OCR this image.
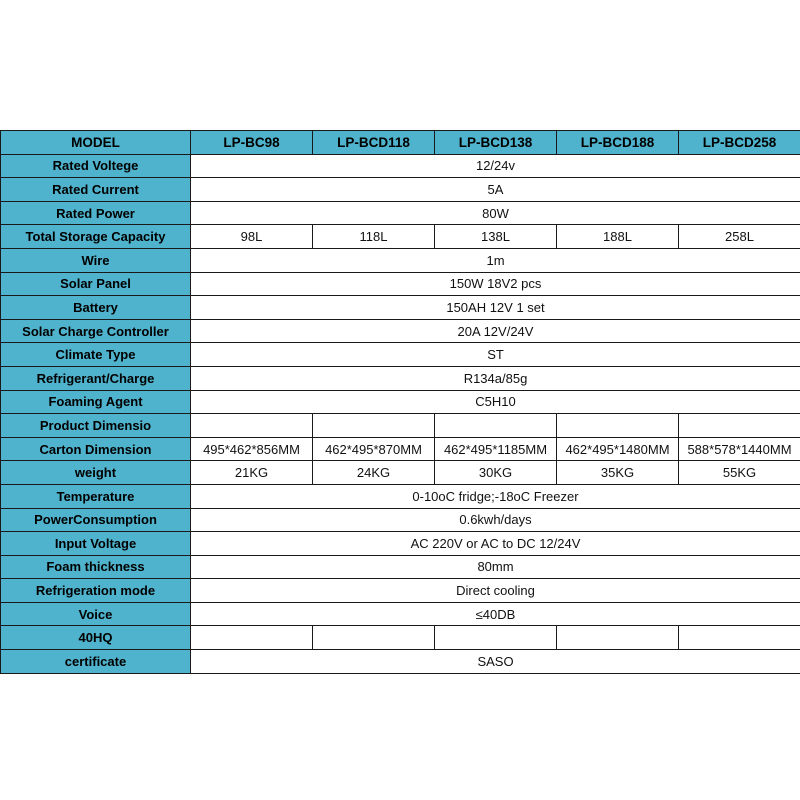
MODEL	LP-BC98	LP-BCD118	LP-BCD138	LP-BCD188	LP-BCD258
Rated Voltege	12/24v				
Rated Current	5A				
Rated Power	80W				
Total Storage Capacity	98L	118L	138L	188L	258L
Wire	1m				
Solar Panel	150W 18V2 pcs				
Battery	150AH 12V 1 set				
Solar Charge Controller	20A 12V/24V				
Climate Type	ST				
Refrigerant/Charge	R134a/85g				
Foaming Agent	C5H10				
Product Dimensio					
Carton Dimension	495*462*856MM	462*495*870MM	462*495*1185MM	462*495*1480MM	588*578*1440MM
weight	21KG	24KG	30KG	35KG	55KG
Temperature	0-10oC fridge;-18oC Freezer				
PowerConsumption	0.6kwh/days				
Input Voltage	AC 220V or AC to DC 12/24V				
Foam thickness	80mm				
Refrigeration mode	Direct cooling				
Voice	≤40DB				
40HQ					
certificate	SASO				
